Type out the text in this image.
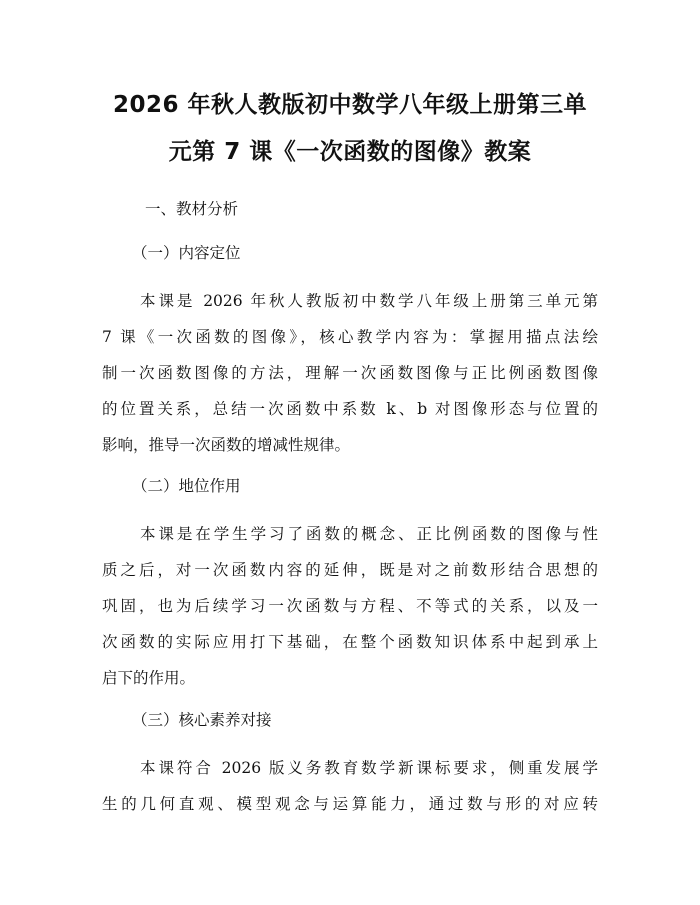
2026 年秋人教版初中数学八年级上册第三单
元第 7 课《一次函数的图像》教案
一、教材分析
（一）内容定位
本课是 2026 年秋人教版初中数学八年级上册第三单元第
7 课《一次函数的图像》，核心教学内容为：掌握用描点法绘
制一次函数图像的方法，理解一次函数图像与正比例函数图像
的位置关系，总结一次函数中系数 k、b 对图像形态与位置的
影响，推导一次函数的增减性规律。
（二）地位作用
本课是在学生学习了函数的概念、正比例函数的图像与性
质之后，对一次函数内容的延伸，既是对之前数形结合思想的
巩固，也为后续学习一次函数与方程、不等式的关系，以及一
次函数的实际应用打下基础，在整个函数知识体系中起到承上
启下的作用。
（三）核心素养对接
本课符合 2026 版义务教育数学新课标要求，侧重发展学
生的几何直观、模型观念与运算能力，通过数与形的对应转
